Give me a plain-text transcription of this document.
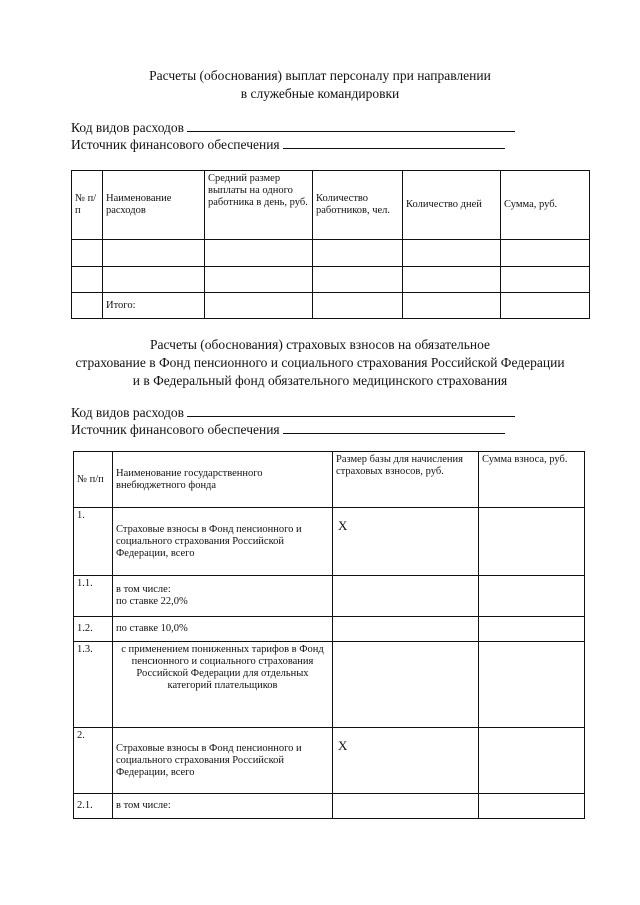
Расчеты (обоснования) выплат персоналу при направлении
в служебные командировки
Код видов расходов
Источник финансового обеспечения
№ п/п	Наименование расходов	Средний размер выплаты на одного работника в день, руб.	Количество работников, чел.	Количество дней	Сумма, руб.

	Итого:				
Расчеты (обоснования) страховых взносов на обязательное
страхование в Фонд пенсионного и социального страхования Российской Федерации
и в Федеральный фонд обязательного медицинского страхования
Код видов расходов
Источник финансового обеспечения
№ п/п	Наименование государственного внебюджетного фонда	Размер базы для начисления страховых взносов, руб.	Сумма взноса, руб.
1.	Страховые взносы в Фонд пенсионного и социального страхования Российской Федерации, всего	X	
1.1.	в том числе:
по ставке 22,0%		

1.2.	по ставке 10,0%		
1.3.	с применением пониженных тарифов в Фонд пенсионного и социального страхования Российской Федерации для отдельных категорий плательщиков		
2.	Страховые взносы в Фонд пенсионного и социального страхования Российской Федерации, всего	X	
2.1.	в том числе:		
